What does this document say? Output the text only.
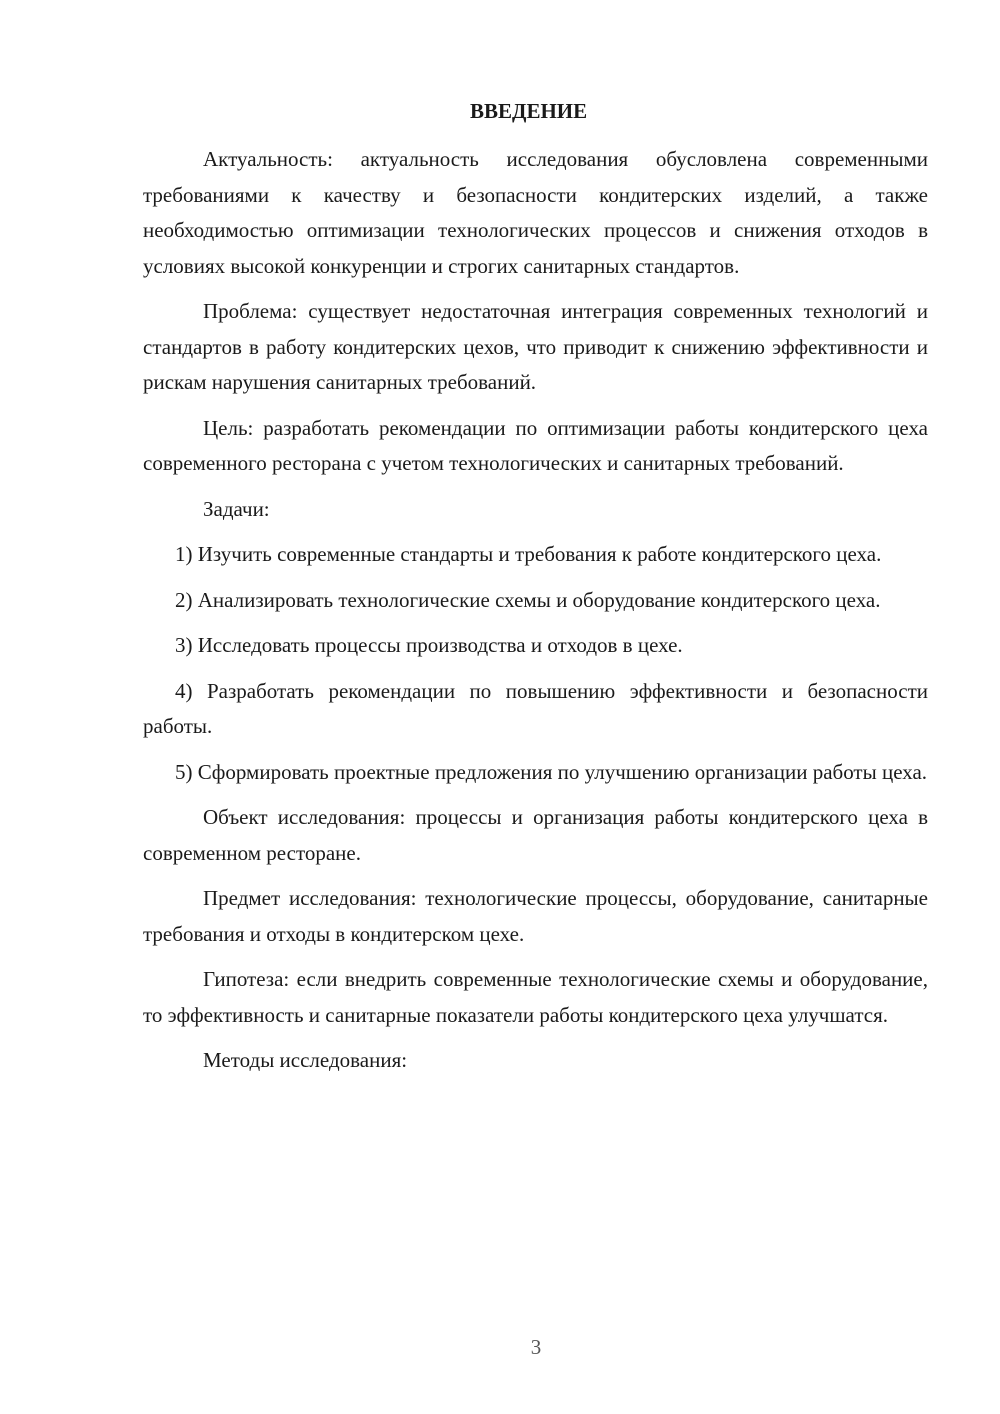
ВВЕДЕНИЕ

Актуальность: актуальность исследования обусловлена современными требованиями к качеству и безопасности кондитерских изделий, а также необходимостью оптимизации технологических процессов и снижения отходов в условиях высокой конкуренции и строгих санитарных стандартов.

Проблема: существует недостаточная интеграция современных технологий и стандартов в работу кондитерских цехов, что приводит к снижению эффективности и рискам нарушения санитарных требований.

Цель: разработать рекомендации по оптимизации работы кондитерского цеха современного ресторана с учетом технологических и санитарных требований.

Задачи:

1) Изучить современные стандарты и требования к работе кондитерского цеха.

2) Анализировать технологические схемы и оборудование кондитерского цеха.

3) Исследовать процессы производства и отходов в цехе.

4) Разработать рекомендации по повышению эффективности и безопасности работы.

5) Сформировать проектные предложения по улучшению организации работы цеха.

Объект исследования: процессы и организация работы кондитерского цеха в современном ресторане.

Предмет исследования: технологические процессы, оборудование, санитарные требования и отходы в кондитерском цехе.

Гипотеза: если внедрить современные технологические схемы и оборудование, то эффективность и санитарные показатели работы кондитерского цеха улучшатся.

Методы исследования:

3
